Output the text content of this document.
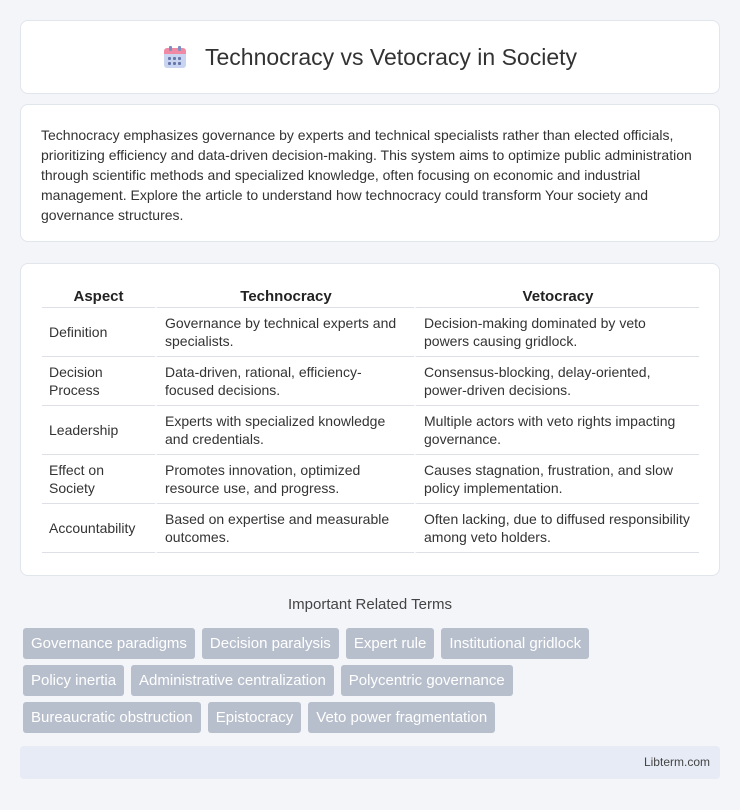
Technocracy vs Vetocracy in Society

Technocracy emphasizes governance by experts and technical specialists rather than elected officials, prioritizing efficiency and data-driven decision-making. This system aims to optimize public administration through scientific methods and specialized knowledge, often focusing on economic and industrial management. Explore the article to understand how technocracy could transform Your society and governance structures.

Aspect	Technocracy	Vetocracy
Definition	Governance by technical experts and specialists.	Decision-making dominated by veto powers causing gridlock.
Decision Process	Data-driven, rational, efficiency-focused decisions.	Consensus-blocking, delay-oriented, power-driven decisions.
Leadership	Experts with specialized knowledge and credentials.	Multiple actors with veto rights impacting governance.
Effect on Society	Promotes innovation, optimized resource use, and progress.	Causes stagnation, frustration, and slow policy implementation.
Accountability	Based on expertise and measurable outcomes.	Often lacking, due to diffused responsibility among veto holders.
Important Related Terms
Governance paradigms	Decision paralysis	Expert rule	Institutional gridlock
Policy inertia	Administrative centralization	Polycentric governance
Bureaucratic obstruction	Epistocracy	Veto power fragmentation
Libterm.com
